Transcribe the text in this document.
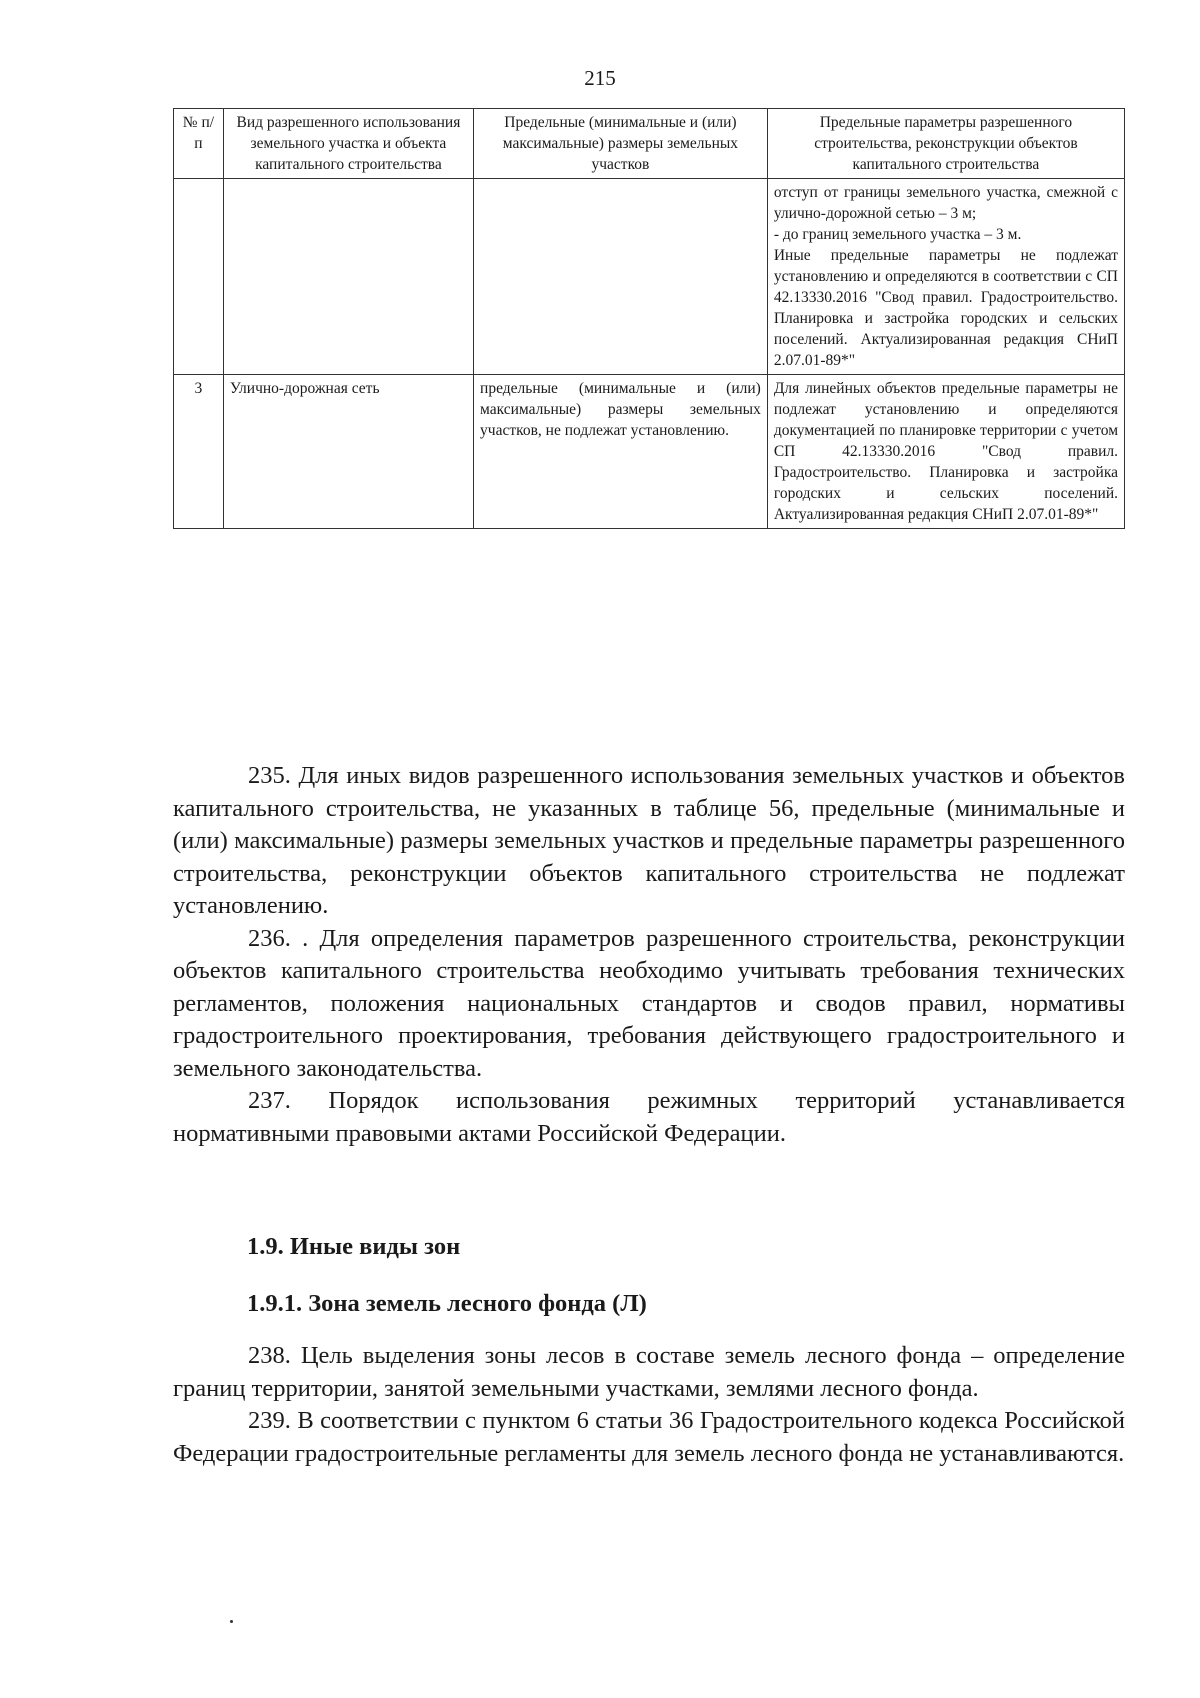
215
№ п/п	Вид разрешенного использования земельного участка и объекта капитального строительства	Предельные (минимальные и (или) максимальные) размеры земельных участков	Предельные параметры разрешенного строительства, реконструкции объектов капитального строительства
			отступ от границы земельного участка, смежной с улично-дорожной сетью – 3 м;
- до границ земельного участка – 3 м.
Иные предельные параметры не подлежат установлению и определяются в соответствии с СП 42.13330.2016 "Свод правил. Градостроительство. Планировка и застройка городских и сельских поселений. Актуализированная редакция СНиП 2.07.01-89*"
3	Улично-дорожная сеть	предельные (минимальные и (или) максимальные) размеры земельных участков, не подлежат установлению.	Для линейных объектов предельные параметры не подлежат установлению и определяются документацией по планировке территории с учетом СП 42.13330.2016 "Свод правил. Градостроительство. Планировка и застройка городских и сельских поселений. Актуализированная редакция СНиП 2.07.01-89*"

235. Для иных видов разрешенного использования земельных участков и объектов капитального строительства, не указанных в таблице 56, предельные (минимальные и (или) максимальные) размеры земельных участков и предельные параметры разрешенного строительства, реконструкции объектов капитального строительства не подлежат установлению.

236. . Для определения параметров разрешенного строительства, реконструкции объектов капитального строительства необходимо учитывать требования технических регламентов, положения национальных стандартов и сводов правил, нормативы градостроительного проектирования, требования действующего градостроительного и земельного законодательства.

237. Порядок использования режимных территорий устанавливается нормативными правовыми актами Российской Федерации.

1.9. Иные виды зон
1.9.1. Зона земель лесного фонда (Л)

238. Цель выделения зоны лесов в составе земель лесного фонда – определение границ территории, занятой земельными участками, землями лесного фонда.

239. В соответствии с пунктом 6 статьи 36 Градостроительного кодекса Российской Федерации градостроительные регламенты для земель лесного фонда не устанавливаются.
